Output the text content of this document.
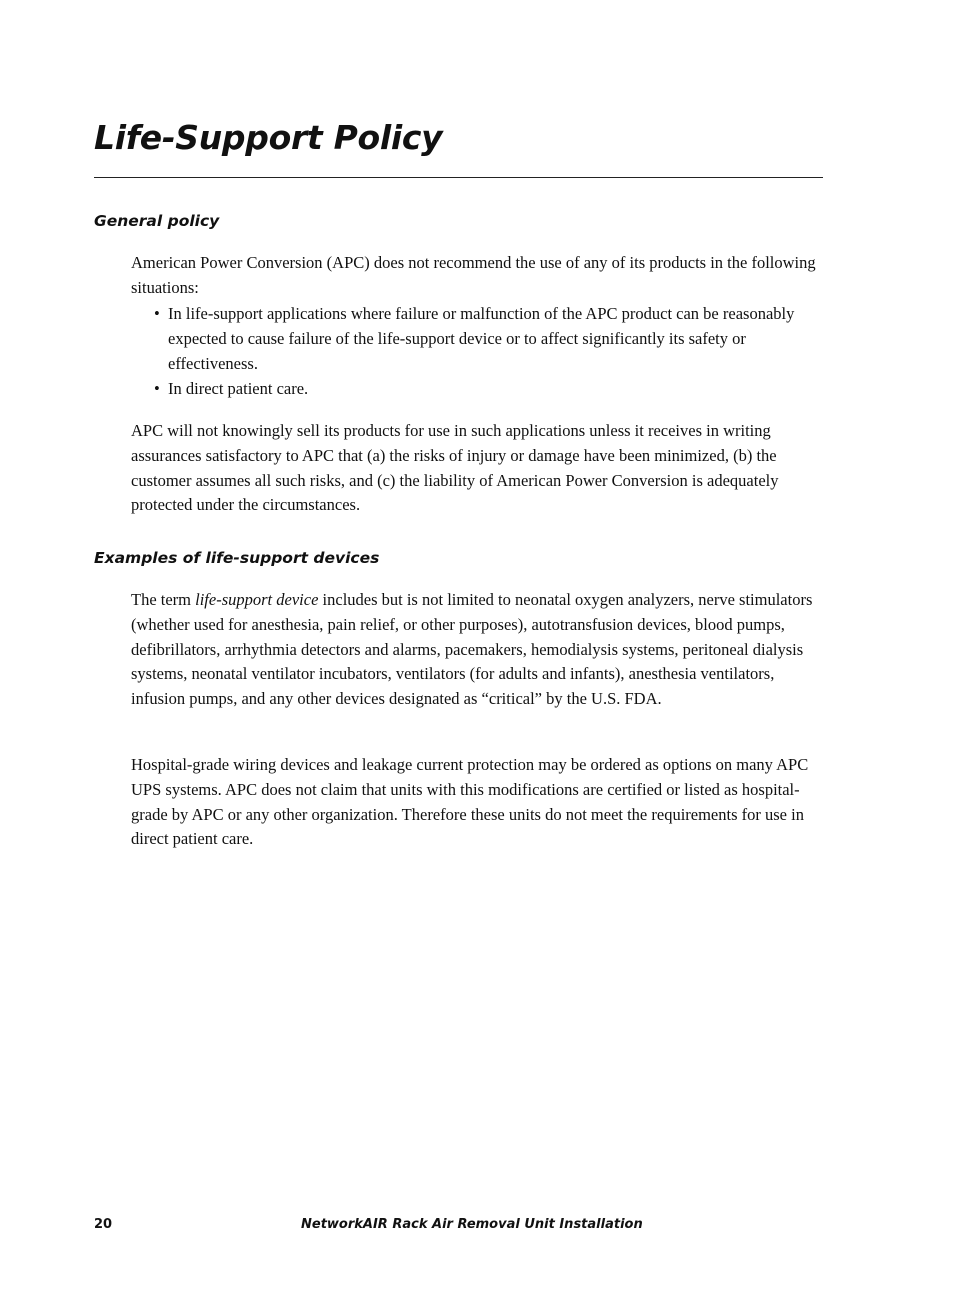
Life-Support Policy
General policy

American Power Conversion (APC) does not recommend the use of any of its products in the following situations:

• In life-support applications where failure or malfunction of the APC product can be reasonably expected to cause failure of the life-support device or to affect significantly its safety or effectiveness.
• In direct patient care.

APC will not knowingly sell its products for use in such applications unless it receives in writing assurances satisfactory to APC that (a) the risks of injury or damage have been minimized, (b) the customer assumes all such risks, and (c) the liability of American Power Conversion is adequately protected under the circumstances.

Examples of life-support devices

The term life-support device includes but is not limited to neonatal oxygen analyzers, nerve stimulators (whether used for anesthesia, pain relief, or other purposes), autotransfusion devices, blood pumps, defibrillators, arrhythmia detectors and alarms, pacemakers, hemodialysis systems, peritoneal dialysis systems, neonatal ventilator incubators, ventilators (for adults and infants), anesthesia ventilators, infusion pumps, and any other devices designated as “critical” by the U.S. FDA.

Hospital-grade wiring devices and leakage current protection may be ordered as options on many APC UPS systems. APC does not claim that units with this modifications are certified or listed as hospital-grade by APC or any other organization. Therefore these units do not meet the requirements for use in direct patient care.

20	NetworkAIR Rack Air Removal Unit Installation
